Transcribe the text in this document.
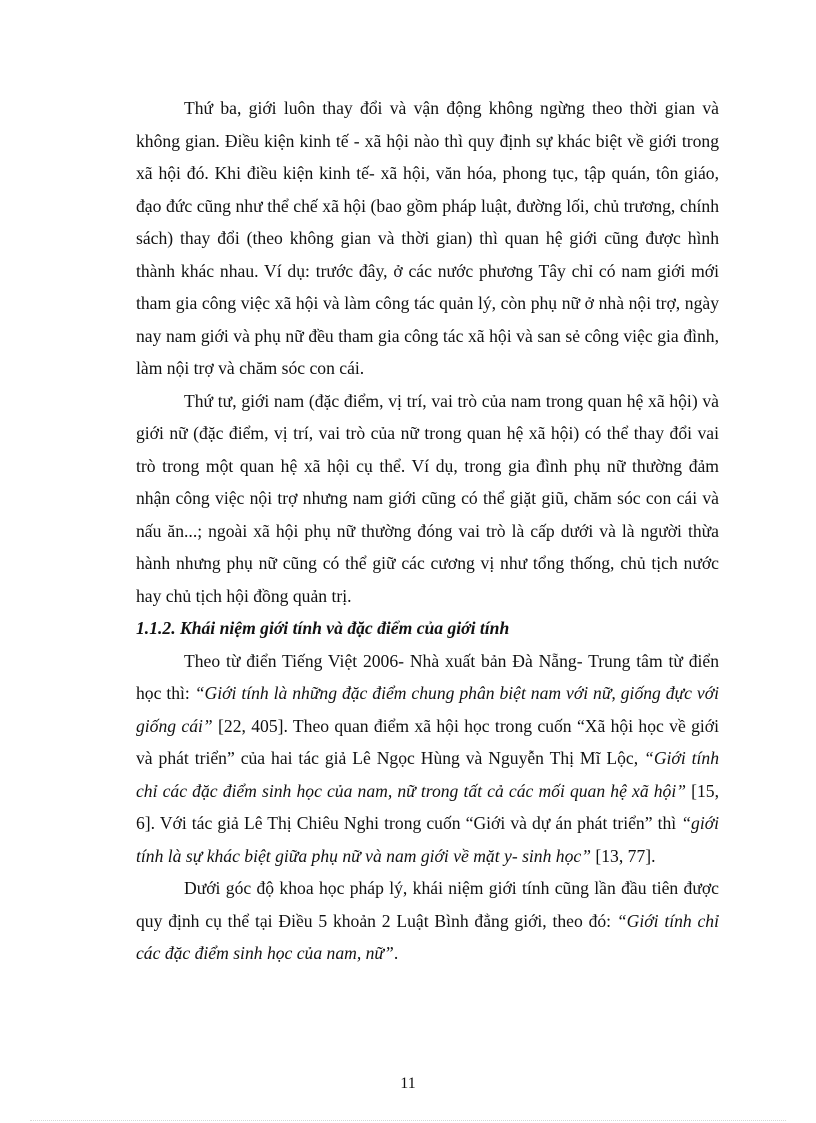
Thứ ba, giới luôn thay đổi và vận động không ngừng theo thời gian và không gian. Điều kiện kinh tế - xã hội nào thì quy định sự khác biệt về giới trong xã hội đó. Khi điều kiện kinh tế- xã hội, văn hóa, phong tục, tập quán, tôn giáo, đạo đức cũng như thể chế xã hội (bao gồm pháp luật, đường lối, chủ trương, chính sách) thay đổi (theo không gian và thời gian) thì quan hệ giới cũng được hình thành khác nhau. Ví dụ: trước đây, ở các nước phương Tây chỉ có nam giới mới tham gia công việc xã hội và làm công tác quản lý, còn phụ nữ ở nhà nội trợ, ngày nay nam giới và phụ nữ đều tham gia công tác xã hội và san sẻ công việc gia đình, làm nội trợ và chăm sóc con cái.

Thứ tư, giới nam (đặc điểm, vị trí, vai trò của nam trong quan hệ xã hội) và giới nữ (đặc điểm, vị trí, vai trò của nữ trong quan hệ xã hội) có thể thay đổi vai trò trong một quan hệ xã hội cụ thể. Ví dụ, trong gia đình phụ nữ thường đảm nhận công việc nội trợ nhưng nam giới cũng có thể giặt giũ, chăm sóc con cái và nấu ăn...; ngoài xã hội phụ nữ thường đóng vai trò là cấp dưới và là người thừa hành nhưng phụ nữ cũng có thể giữ các cương vị như tổng thống, chủ tịch nước hay chủ tịch hội đồng quản trị.

1.1.2. Khái niệm giới tính và đặc điểm của giới tính

Theo từ điển Tiếng Việt 2006- Nhà xuất bản Đà Nẵng- Trung tâm từ điển học thì: “Giới tính là những đặc điểm chung phân biệt nam với nữ, giống đực với giống cái” [22, 405]. Theo quan điểm xã hội học trong cuốn “Xã hội học về giới và phát triển” của hai tác giả Lê Ngọc Hùng và Nguyễn Thị Mĩ Lộc, “Giới tính chỉ các đặc điểm sinh học của nam, nữ trong tất cả các mối quan hệ xã hội” [15, 6]. Với tác giả Lê Thị Chiêu Nghi trong cuốn “Giới và dự án phát triển” thì “giới tính là sự khác biệt giữa phụ nữ và nam giới về mặt y- sinh học” [13, 77].

Dưới góc độ khoa học pháp lý, khái niệm giới tính cũng lần đầu tiên được quy định cụ thể tại Điều 5 khoản 2 Luật Bình đẳng giới, theo đó: “Giới tính chỉ các đặc điểm sinh học của nam, nữ”.

11
